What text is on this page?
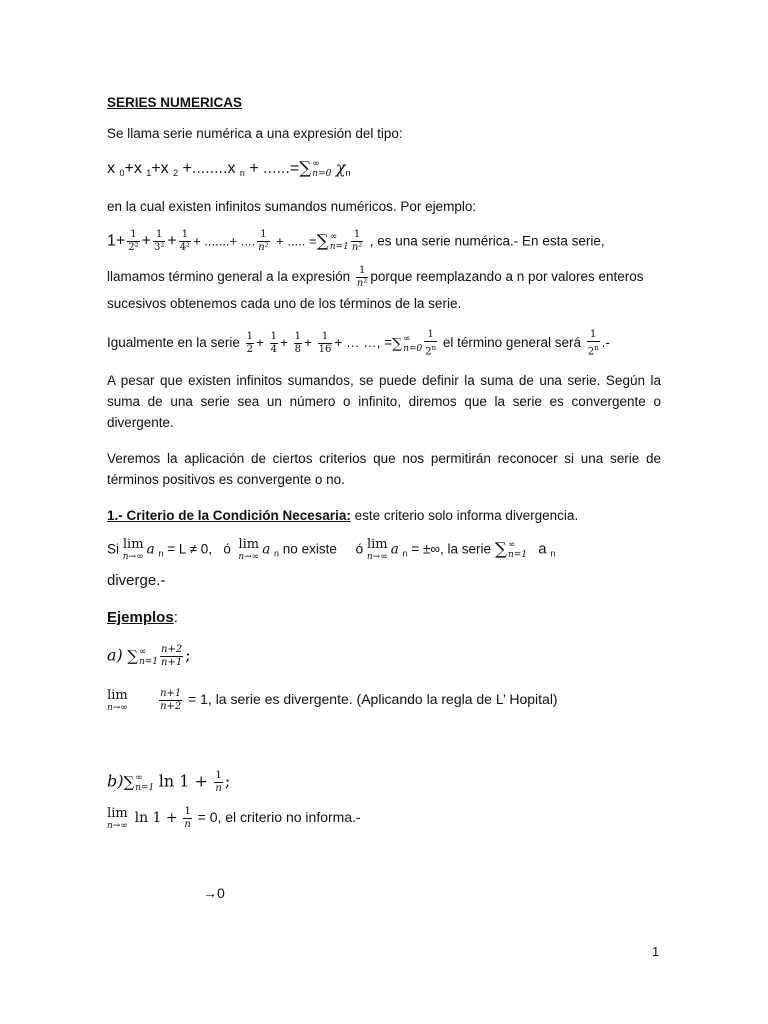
SERIES NUMERICAS
Se llama serie numérica a una expresión del tipo:
x $_0$+x $_1$+x $_2$ +........x $_n$ + ......=∑ ∞
n=0 $\chi_n$
en la cual existen infinitos sumandos numéricos. Por ejemplo:
$1+ \frac{1}{\text{2²}} + \frac{1}{\text{3²}} + \frac{1}{\text{4²}}$ + .......+ .... $\frac{1}{\text{n²}}$ + ..... =∑ ∞
$n=1 \frac{1}{\text{n²}}$ , es una serie numérica.- En esta serie,
llamamos término general a la expresión $\frac{1}{\text{n²}}$ porque reemplazando a n por valores enteros
sucesivos obtenemos cada uno de los términos de la serie.
Igualmente en la serie $\frac{1}{2} + \frac{1}{4} + \frac{1}{8} + \frac{1}{16}$ + … …, =∑ ∞
$n=0 \frac{1}{2^n}$ el término general será $\frac{1}{2^n}$ .-
A pesar que existen infinitos sumandos, se puede definir la suma de una serie. Según la suma de una serie sea un número o infinito, diremos que la serie es convergente o divergente.
Veremos la aplicación de ciertos criterios que nos permitirán reconocer si una serie de términos positivos es convergente o no.
1.- Criterio de la Condición Necesaria: este criterio solo informa divergencia.
Si lim
n→∞ a $_n$ = L ≠ 0, ó lim
n→∞ a $_n$ no existe ó lim
n→∞ a $_n$ = ±∞, la serie ∑ ∞
n=1 a $_n$
diverge.-
Ejemplos:
a) ∑ ∞
$n=1 \frac{n+2}{n+1}$ ;
lim
n→∞
	$\frac{n+1}{n+2} = 1$, la serie es divergente. (Aplicando la regla de L’ Hopital)
b)∑ ∞
n=1 $\ln 1 + \frac{1}{n}$ ;
lim
n→∞ $\ln 1 + \frac{1}{n} = 0$, el criterio no informa.-
→0
1
